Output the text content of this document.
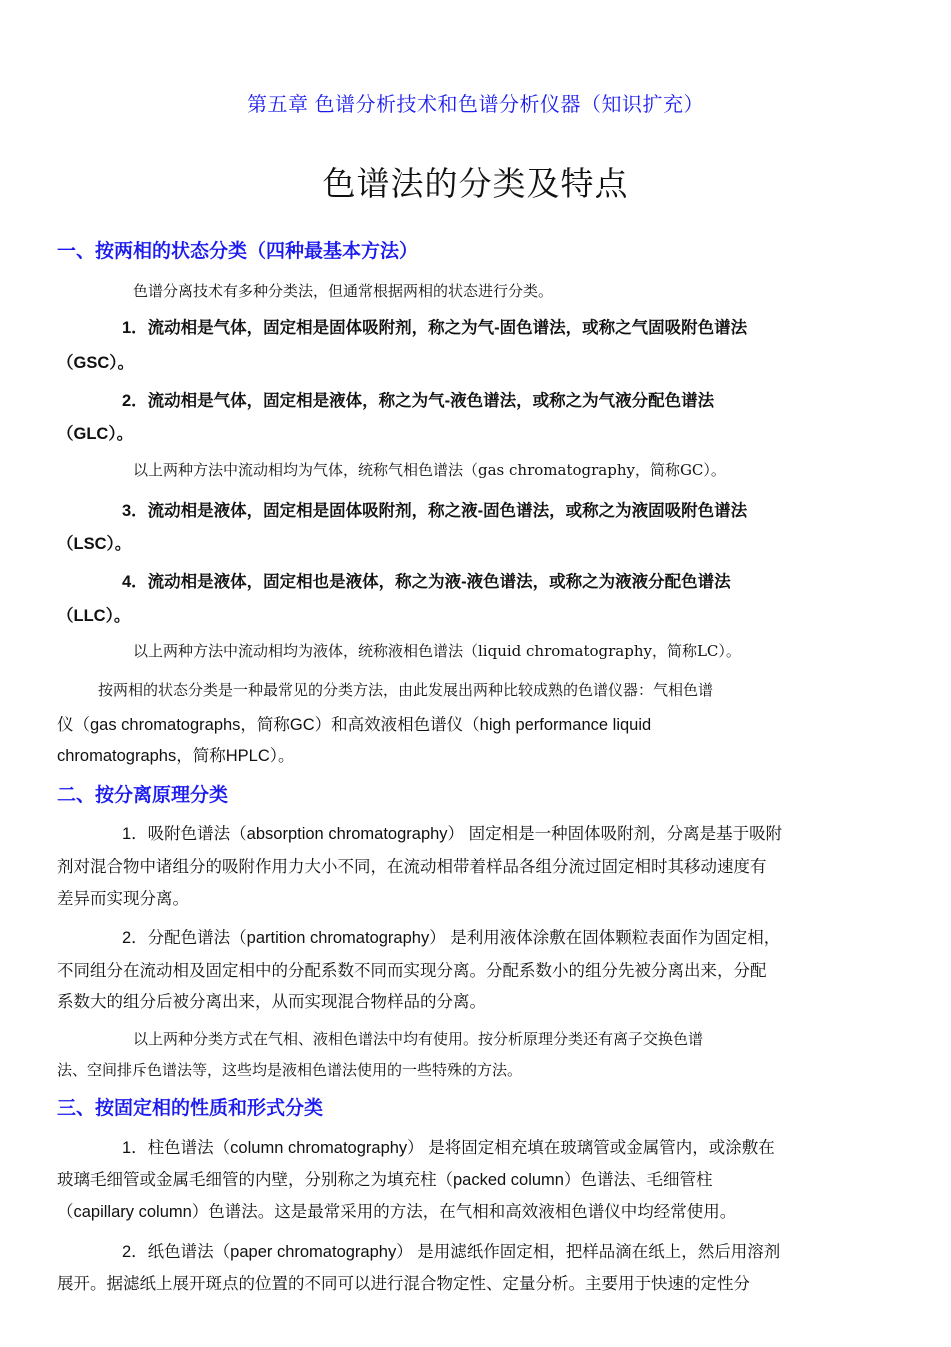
第五章 色谱分析技术和色谱分析仪器（知识扩充）
色谱法的分类及特点
一、按两相的状态分类（四种最基本方法）
色谱分离技术有多种分类法，但通常根据两相的状态进行分类。
1．流动相是气体，固定相是固体吸附剂，称之为气-固色谱法，或称之气固吸附色谱法
（GSC）。
2．流动相是气体，固定相是液体，称之为气-液色谱法，或称之为气液分配色谱法
（GLC）。
以上两种方法中流动相均为气体，统称气相色谱法（gas chromatography，简称GC）。
3．流动相是液体，固定相是固体吸附剂，称之液-固色谱法，或称之为液固吸附色谱法
（LSC）。
4．流动相是液体，固定相也是液体，称之为液-液色谱法，或称之为液液分配色谱法
（LLC）。
以上两种方法中流动相均为液体，统称液相色谱法（liquid chromatography，简称LC）。
按两相的状态分类是一种最常见的分类方法，由此发展出两种比较成熟的色谱仪器：气相色谱
仪（gas chromatographs，简称GC）和高效液相色谱仪（high performance liquid
chromatographs，简称HPLC）。
二、按分离原理分类
1．吸附色谱法（absorption chromatography） 固定相是一种固体吸附剂，分离是基于吸附
剂对混合物中诸组分的吸附作用力大小不同，在流动相带着样品各组分流过固定相时其移动速度有
差异而实现分离。
2．分配色谱法（partition chromatography） 是利用液体涂敷在固体颗粒表面作为固定相，
不同组分在流动相及固定相中的分配系数不同而实现分离。分配系数小的组分先被分离出来，分配
系数大的组分后被分离出来，从而实现混合物样品的分离。
以上两种分类方式在气相、液相色谱法中均有使用。按分析原理分类还有离子交换色谱
法、空间排斥色谱法等，这些均是液相色谱法使用的一些特殊的方法。
三、按固定相的性质和形式分类
1．柱色谱法（column chromatography） 是将固定相充填在玻璃管或金属管内，或涂敷在
玻璃毛细管或金属毛细管的内壁，分别称之为填充柱（packed column）色谱法、毛细管柱
（capillary column）色谱法。这是最常采用的方法，在气相和高效液相色谱仪中均经常使用。
2．纸色谱法（paper chromatography） 是用滤纸作固定相，把样品滴在纸上，然后用溶剂
展开。据滤纸上展开斑点的位置的不同可以进行混合物定性、定量分析。主要用于快速的定性分
